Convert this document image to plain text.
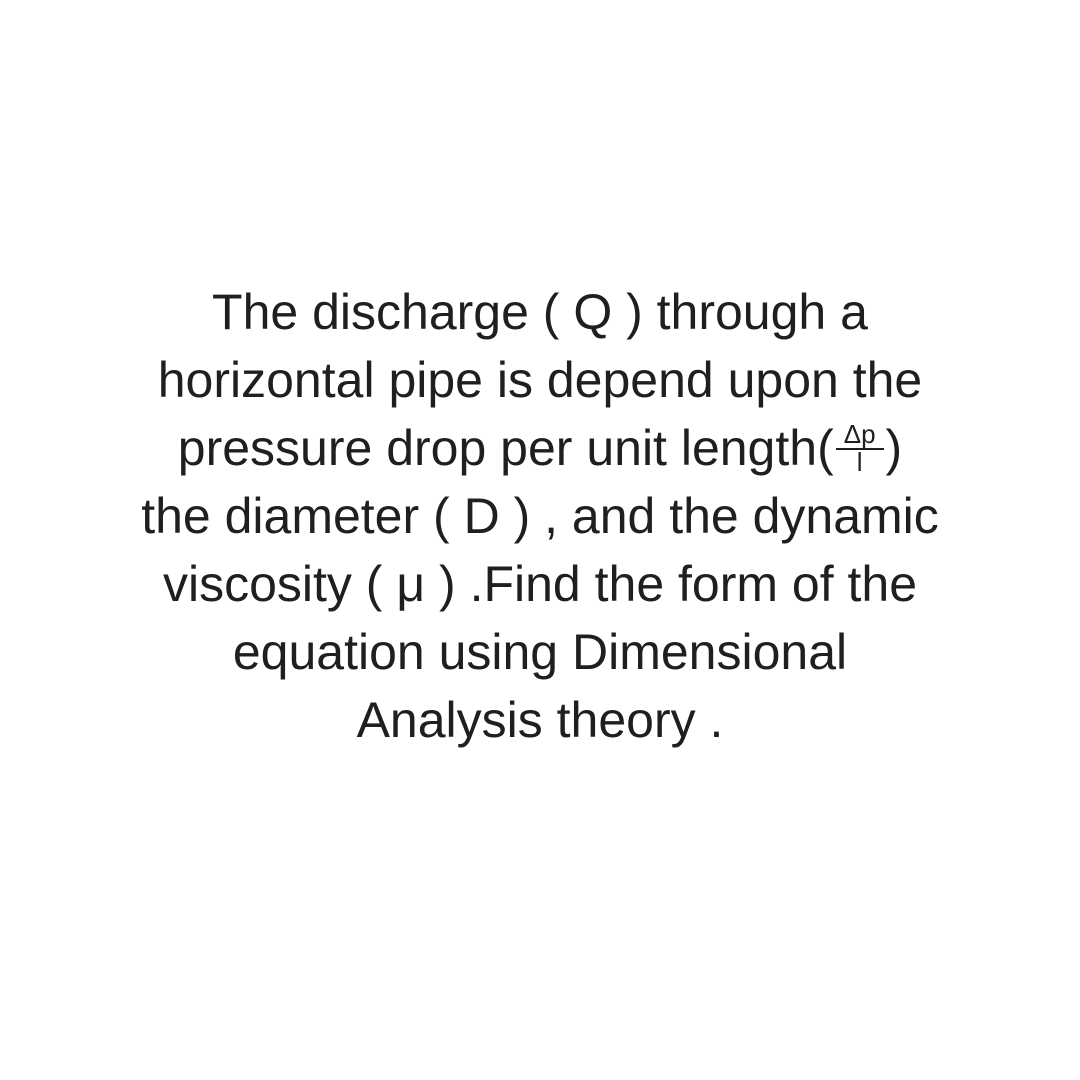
The discharge ( Q ) through a
horizontal pipe is depend upon the
pressure drop per unit length( $\frac{\Delta p}{l}$ )
the diameter ( D ) , and the dynamic
viscosity ( μ ) .Find the form of the
equation using Dimensional
Analysis theory .
